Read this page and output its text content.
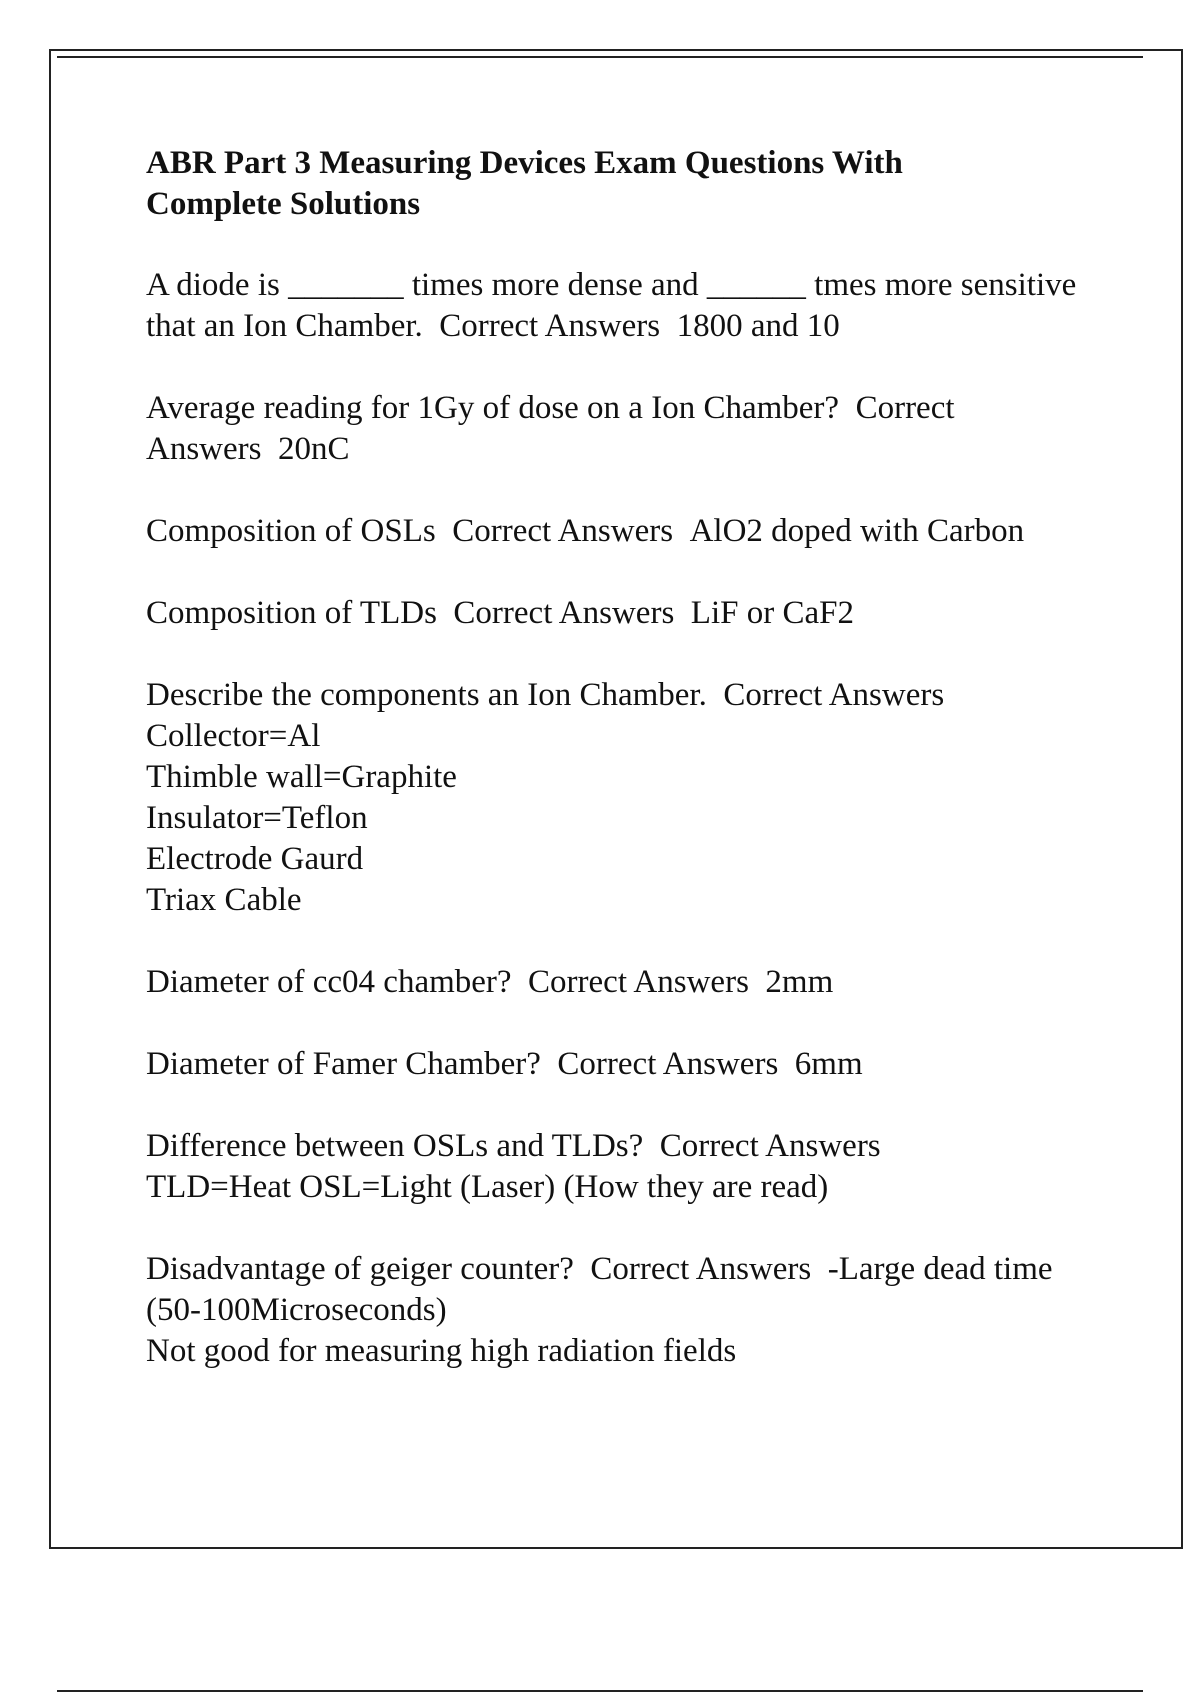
ABR Part 3 Measuring Devices Exam Questions With
Complete Solutions
A diode is _______ times more dense and ______ tmes more sensitive that an Ion Chamber. Correct Answers 1800 and 10
Average reading for 1Gy of dose on a Ion Chamber? Correct Answers 20nC
Composition of OSLs Correct Answers AlO2 doped with Carbon
Composition of TLDs Correct Answers LiF or CaF2
Describe the components an Ion Chamber. Correct Answers
Collector=Al
Thimble wall=Graphite
Insulator=Teflon
Electrode Gaurd
Triax Cable
Diameter of cc04 chamber? Correct Answers 2mm
Diameter of Famer Chamber? Correct Answers 6mm
Difference between OSLs and TLDs? Correct Answers
TLD=Heat OSL=Light (Laser) (How they are read)
Disadvantage of geiger counter? Correct Answers -Large dead time (50-100Microseconds)
Not good for measuring high radiation fields
